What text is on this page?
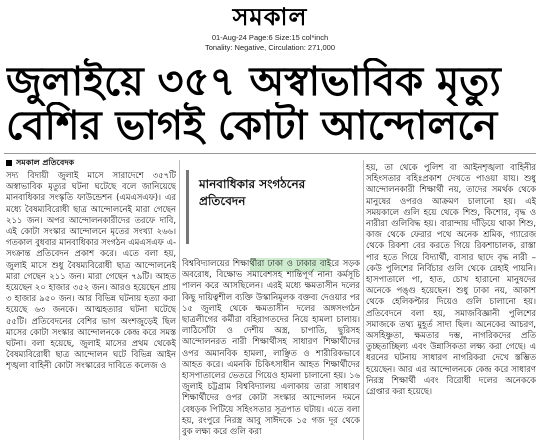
সমকাল
01-Aug-24 Page:6 Size:15 col*inch
Tonality: Negative, Circulation: 271,000
জুলাইয়ে ৩৫৭ অস্বাভাবিক মৃত্যু
বেশির ভাগই কোটা আন্দোলনে
সমকাল প্রতিবেদক

সদ্য বিদায়ী জুলাই মাসে সারাদেশে ৩৫৭টি অস্বাভাবিক মৃত্যুর ঘটনা ঘটেছে বলে জানিয়েছে মানবাধিকার সংস্কৃতি ফাউন্ডেশন (এমএসএফ)। এর মধ্যে বৈষম্যবিরোধী ছাত্র আন্দোলনেই মারা গেছেন ২১১ জন। অপর আন্দোলনকারীদের তরফে দাবি, এই কোটা সংস্কার আন্দোলনে মৃতের সংখ্যা ২৬৬। গতকাল বুধবার মানবাধিকার সংগঠন এমএসএফ এ-সংক্রান্ত প্রতিবেদন প্রকাশ করে। এতে বলা হয়, জুলাই মাসে শুধু বৈষম্যবিরোধী ছাত্র আন্দোলনেই মারা গেছেন ২১১ জন। মারা গেছেন ৭৯টি। আহত হয়েছেন ২০ হাজার ৩৫২ জন। আরও হয়েছেন প্রায় ৩ হাজার ৯৫০ জন। আর বিভিন্ন ঘটনায় হত্যা করা হয়েছে ৬৩ জনকে। আত্মহত্যার ঘটনা ঘটেছে ৫৫টি। প্রতিবেদনের বেশির ভাগ অংশজুড়েই ছিল মাসের কোটা সংস্কার আন্দোলনকে কেন্দ্র করে সমস্ত ঘটনা। বলা হয়েছে, জুলাই মাসের প্রথম থেকেই বৈষম্যবিরোধী ছাত্র আন্দোলন ঘটে বিভিন্ন আইন শৃঙ্খলা বাহিনী কোটা সংস্কারের দাবিতে কলেজ ও

মানবাধিকার সংগঠনের প্রতিবেদন

বিশ্ববিদ্যালয়ের শিক্ষার্থীরা ঢাকা ও ঢাকার বাইরে সড়ক অবরোধ, বিক্ষোভ সমাবেশসহ শান্তিপূর্ণ নানা কর্মসূচি পালন করে আসছিলেন। এরই মধ্যে ক্ষমতাসীন দলের কিছু দায়িত্বশীল ব্যক্তি উস্কানিমূলক বক্তব্য দেওয়ার পর ১৫ জুলাই থেকে ক্ষমতাসীন দলের অঙ্গসংগঠন ছাত্রলীগের কর্মীরা বহিরাগতদের নিয়ে হামলা চালায়। লাঠিসোঁটা ও দেশীয় অস্ত্র, চাপাতি, ছুরিসহ আন্দোলনরত নারী শিক্ষার্থীসহ সাধারণ শিক্ষার্থীদের ওপর অমানবিক হামলা, লাঞ্ছিত ও শারীরিকভাবে আহত করে। এমনকি চিকিৎসাধীন আহত শিক্ষার্থীদের হাসপাতালের ভেতরে গিয়েও হামলা চালানো হয়। ১৬ জুলাই চট্টগ্রাম বিশ্ববিদ্যালয় এলাকায় তারা সাধারণ শিক্ষার্থীদের ওপর কোটা সংস্কার আন্দোলন দমনে বেধড়ক পিটিয়ে সহিংসতার সূত্রপাত ঘটায়। এতে বলা হয়, রংপুরে নিরস্ত্র আবু সাঈদকে ১৫ গজ দূর থেকে বুক লক্ষ্য করে গুলি করা

হয়, তা থেকে পুলিশ বা আইনশৃঙ্খলা বাহিনীর সহিংসতার বহিঃপ্রকাশ দেখতে পাওয়া যায়। শুধু আন্দোলনকারী শিক্ষার্থী নয়, তাদের সমর্থক থেকে মানুষের ওপরও আক্রমণ চালানো হয়। এই সময়কালে গুলি হয়ে থেকে শিশু, কিশোর, বৃদ্ধ ও নারীরা গুলিবিদ্ধ হয়। বারান্দায় দাঁড়িয়ে থাকা শিশু, কাজ থেকে ফেরার পথে অনেক শ্রমিক, গ্যারেজ থেকে রিকশা বের করতে গিয়ে রিকশাচালক, রাস্তা পার হতে গিয়ে বিদ্যার্থী, বাসার ছাদে বৃদ্ধ নারী – কেউ পুলিশের নির্বিচার গুলি থেকে রেহাই পায়নি। হাসপাতালে পা, হাত, চোখ হারানো মানুষদের অনেকে পঙ্গু হয়েছেন। শুধু ঢাকা নয়, আকাশ থেকে হেলিকপ্টার দিয়েও গুলি চালানো হয়। প্রতিবেদনে বলা হয়, সমাজবিজ্ঞানী পুলিশের সমাজকে তথ্য মুহূর্ত সাদা ছিল। অনেকের আচরণ, অসহিষ্ণুতা, ক্ষমতার দম্ভ, নাগরিকদের প্রতি তুচ্ছতাচ্ছিল্য এবং উন্নাসিকতা লক্ষ্য করা গেছে। এ ধরনের ঘটনায় সাধারণ নাগরিকরা দেখে স্তম্ভিত হয়েছেন। আর এর আন্দোলনকে কেন্দ্র করে সাধারণ নিরস্ত্র শিক্ষার্থী এবং বিরোধী দলের অনেককে গ্রেপ্তার করা হয়েছে।
